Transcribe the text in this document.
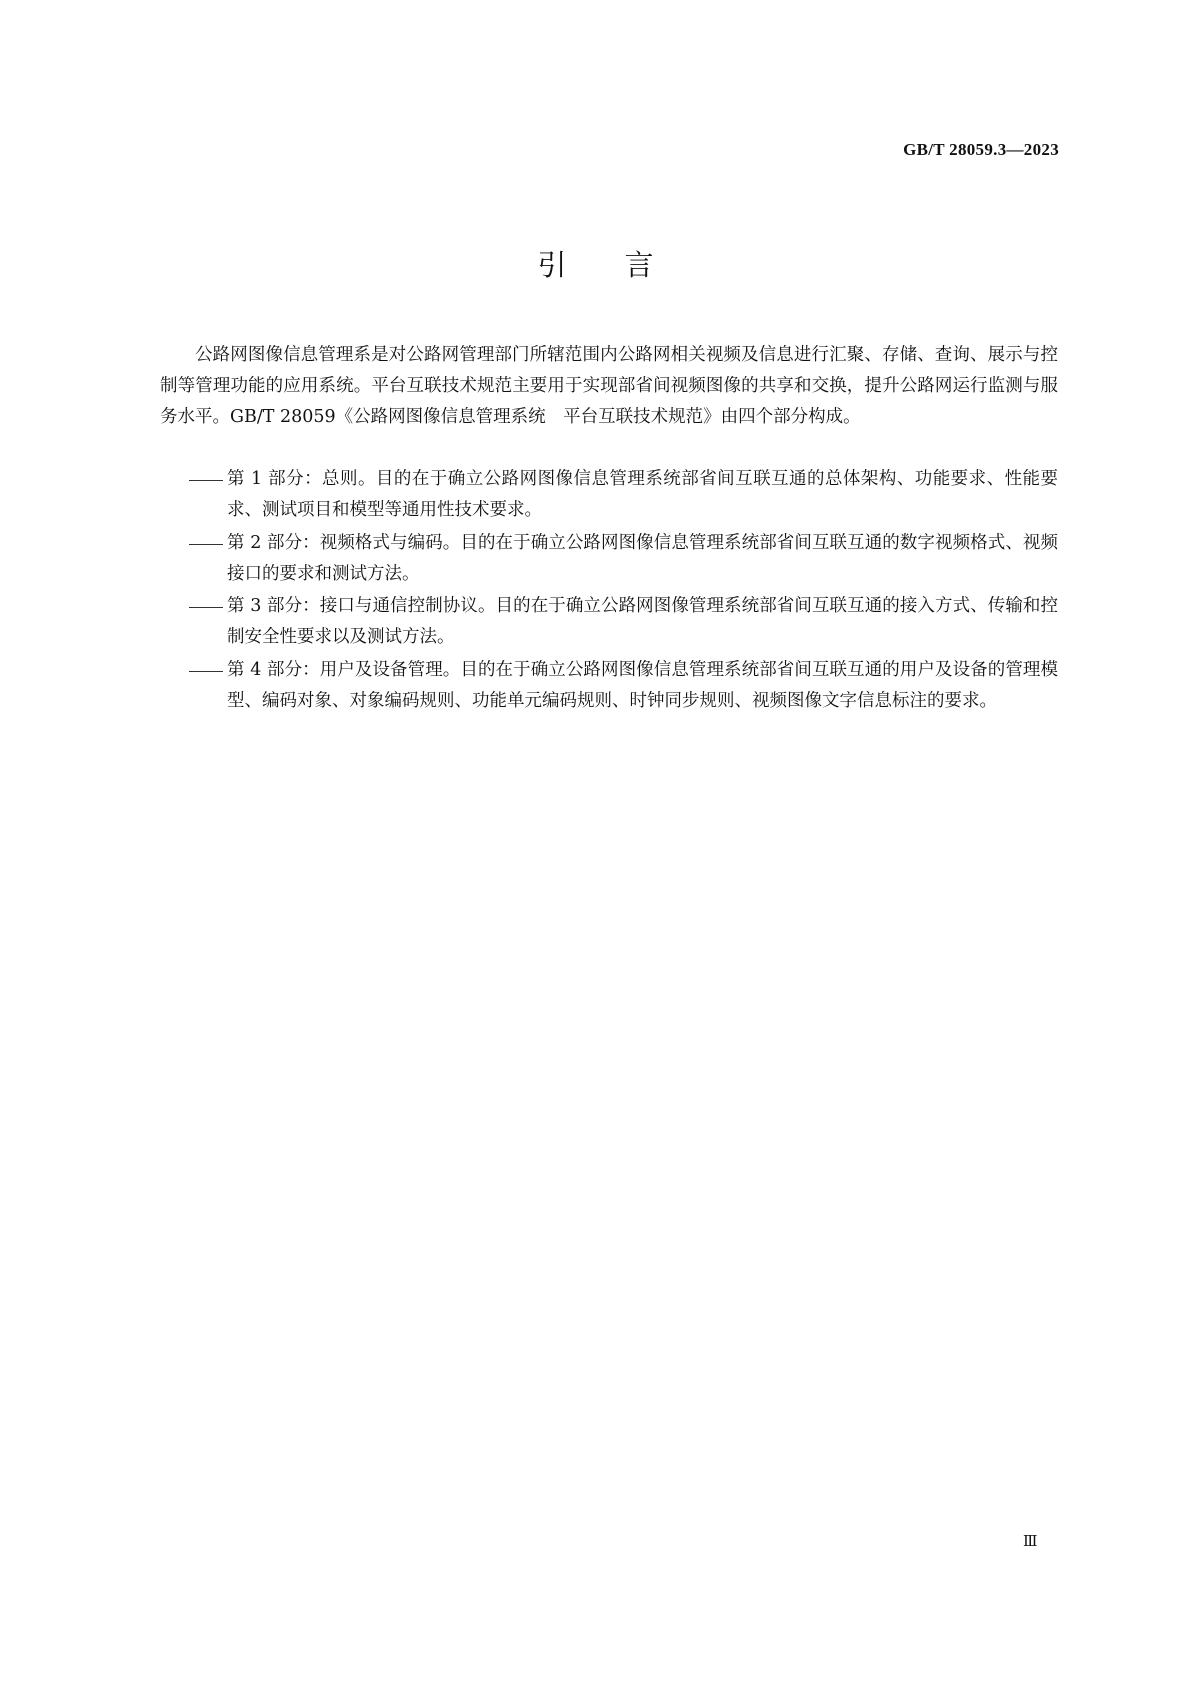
GB/T 28059.3—2023
引言

公路网图像信息管理系是对公路网管理部门所辖范围内公路网相关视频及信息进行汇聚、存储、查询、展示与控制等管理功能的应用系统。平台互联技术规范主要用于实现部省间视频图像的共享和交换，提升公路网运行监测与服务水平。GB/T 28059《公路网图像信息管理系统　平台互联技术规范》由四个部分构成。

第 1 部分：总则。目的在于确立公路网图像信息管理系统部省间互联互通的总体架构、功能要求、性能要求、测试项目和模型等通用性技术要求。
第 2 部分：视频格式与编码。目的在于确立公路网图像信息管理系统部省间互联互通的数字视频格式、视频接口的要求和测试方法。
第 3 部分：接口与通信控制协议。目的在于确立公路网图像管理系统部省间互联互通的接入方式、传输和控制安全性要求以及测试方法。
第 4 部分：用户及设备管理。目的在于确立公路网图像信息管理系统部省间互联互通的用户及设备的管理模型、编码对象、对象编码规则、功能单元编码规则、时钟同步规则、视频图像文字信息标注的要求。
Ⅲ
